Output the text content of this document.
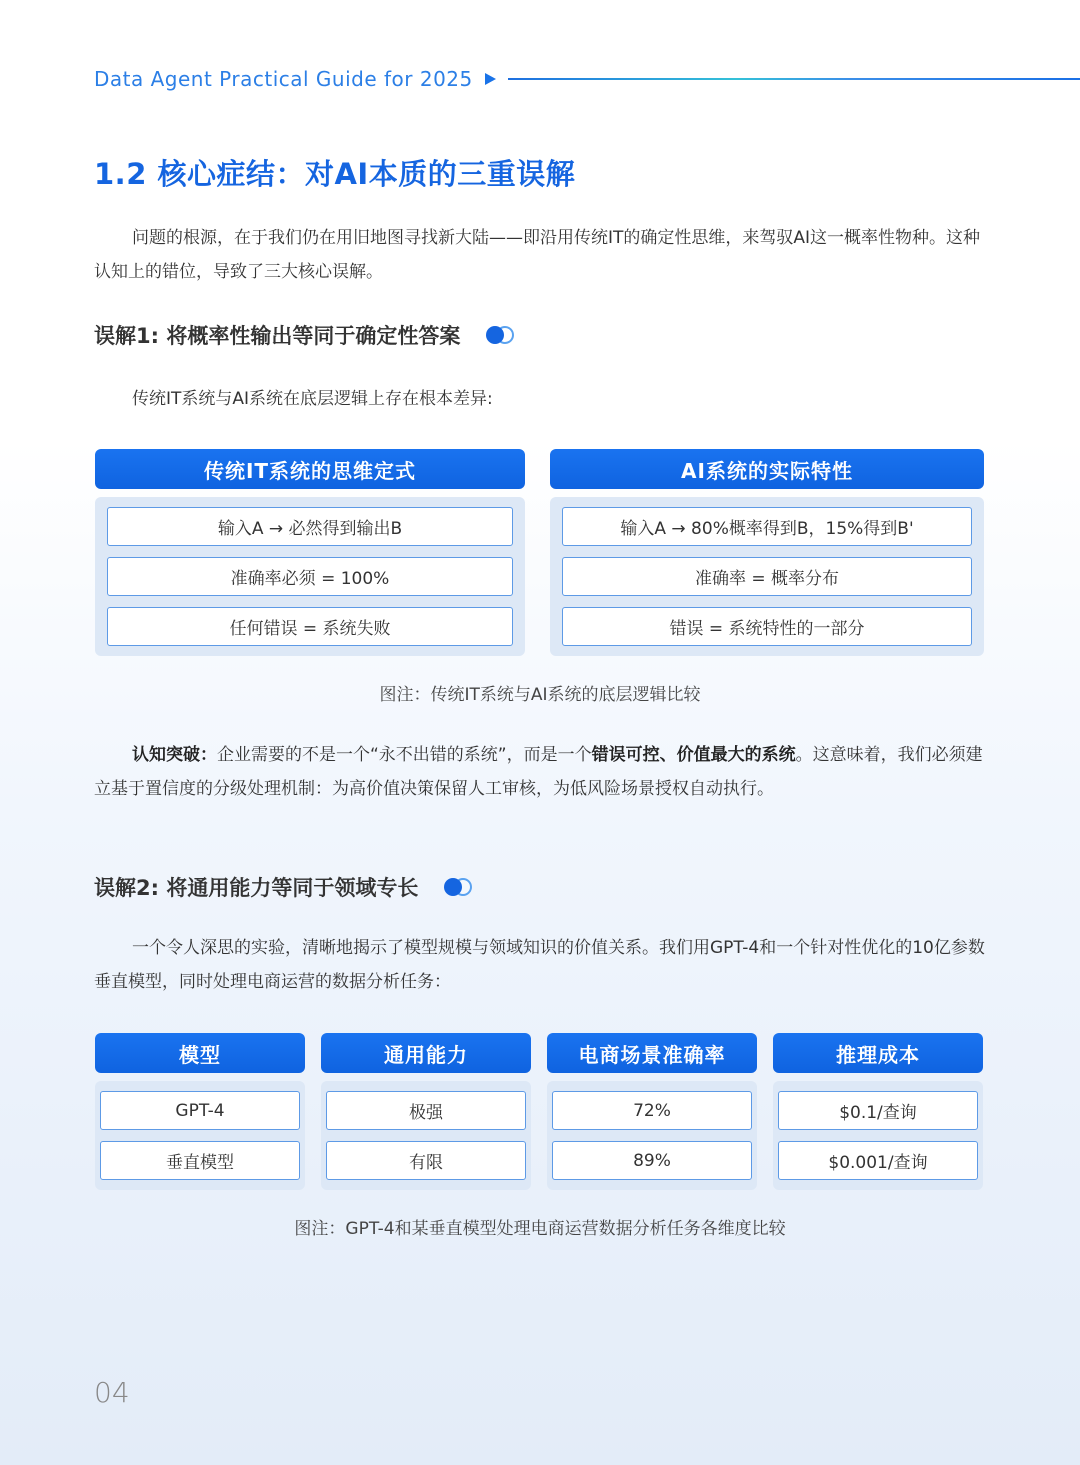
Data Agent Practical Guide for 2025
1.2 核心症结：对AI本质的三重误解

问题的根源，在于我们仍在用旧地图寻找新大陆——即沿用传统IT的确定性思维，来驾驭AI这一概率性物种。这种认知上的错位，导致了三大核心误解。

误解1: 将概率性输出等同于确定性答案

传统IT系统与AI系统在底层逻辑上存在根本差异:

传统IT系统的思维定式
输入A → 必然得到输出B
准确率必须 = 100%
任何错误 = 系统失败
AI系统的实际特性
输入A → 80%概率得到B，15%得到B'
准确率 = 概率分布
错误 = 系统特性的一部分

图注：传统IT系统与AI系统的底层逻辑比较

认知突破：企业需要的不是一个“永不出错的系统”，而是一个错误可控、价值最大的系统。这意味着，我们必须建立基于置信度的分级处理机制：为高价值决策保留人工审核，为低风险场景授权自动执行。

误解2: 将通用能力等同于领域专长

一个令人深思的实验，清晰地揭示了模型规模与领域知识的价值关系。我们用GPT-4和一个针对性优化的10亿参数垂直模型，同时处理电商运营的数据分析任务：

模型
GPT-4
垂直模型
通用能力
极强
有限
电商场景准确率
72%
89%
推理成本
$0.1/查询
$0.001/查询

图注：GPT-4和某垂直模型处理电商运营数据分析任务各维度比较

04
